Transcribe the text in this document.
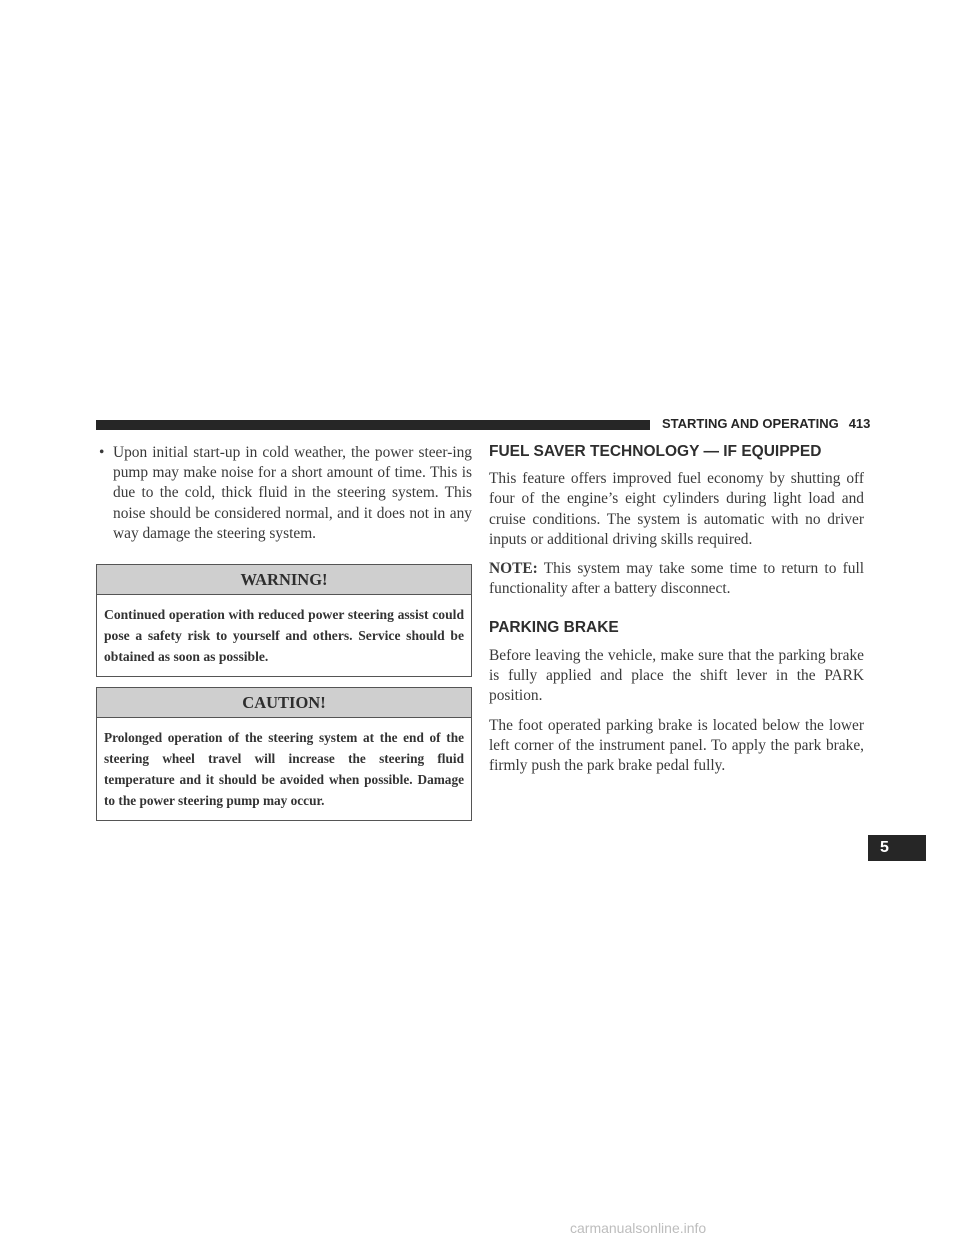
STARTING AND OPERATING 413
• Upon initial start-up in cold weather, the power steer-ing pump may make noise for a short amount of time. This is due to the cold, thick fluid in the steering system. This noise should be considered normal, and it does not in any way damage the steering system.
WARNING!
Continued operation with reduced power steering assist could pose a safety risk to yourself and others. Service should be obtained as soon as possible.
CAUTION!
Prolonged operation of the steering system at the end of the steering wheel travel will increase the steering fluid temperature and it should be avoided when possible. Damage to the power steering pump may occur.
FUEL SAVER TECHNOLOGY — IF EQUIPPED

This feature offers improved fuel economy by shutting off four of the engine’s eight cylinders during light load and cruise conditions. The system is automatic with no driver inputs or additional driving skills required.

NOTE: This system may take some time to return to full functionality after a battery disconnect.

PARKING BRAKE

Before leaving the vehicle, make sure that the parking brake is fully applied and place the shift lever in the PARK position.

The foot operated parking brake is located below the lower left corner of the instrument panel. To apply the park brake, firmly push the park brake pedal fully.

5
carmanualsonline.info
